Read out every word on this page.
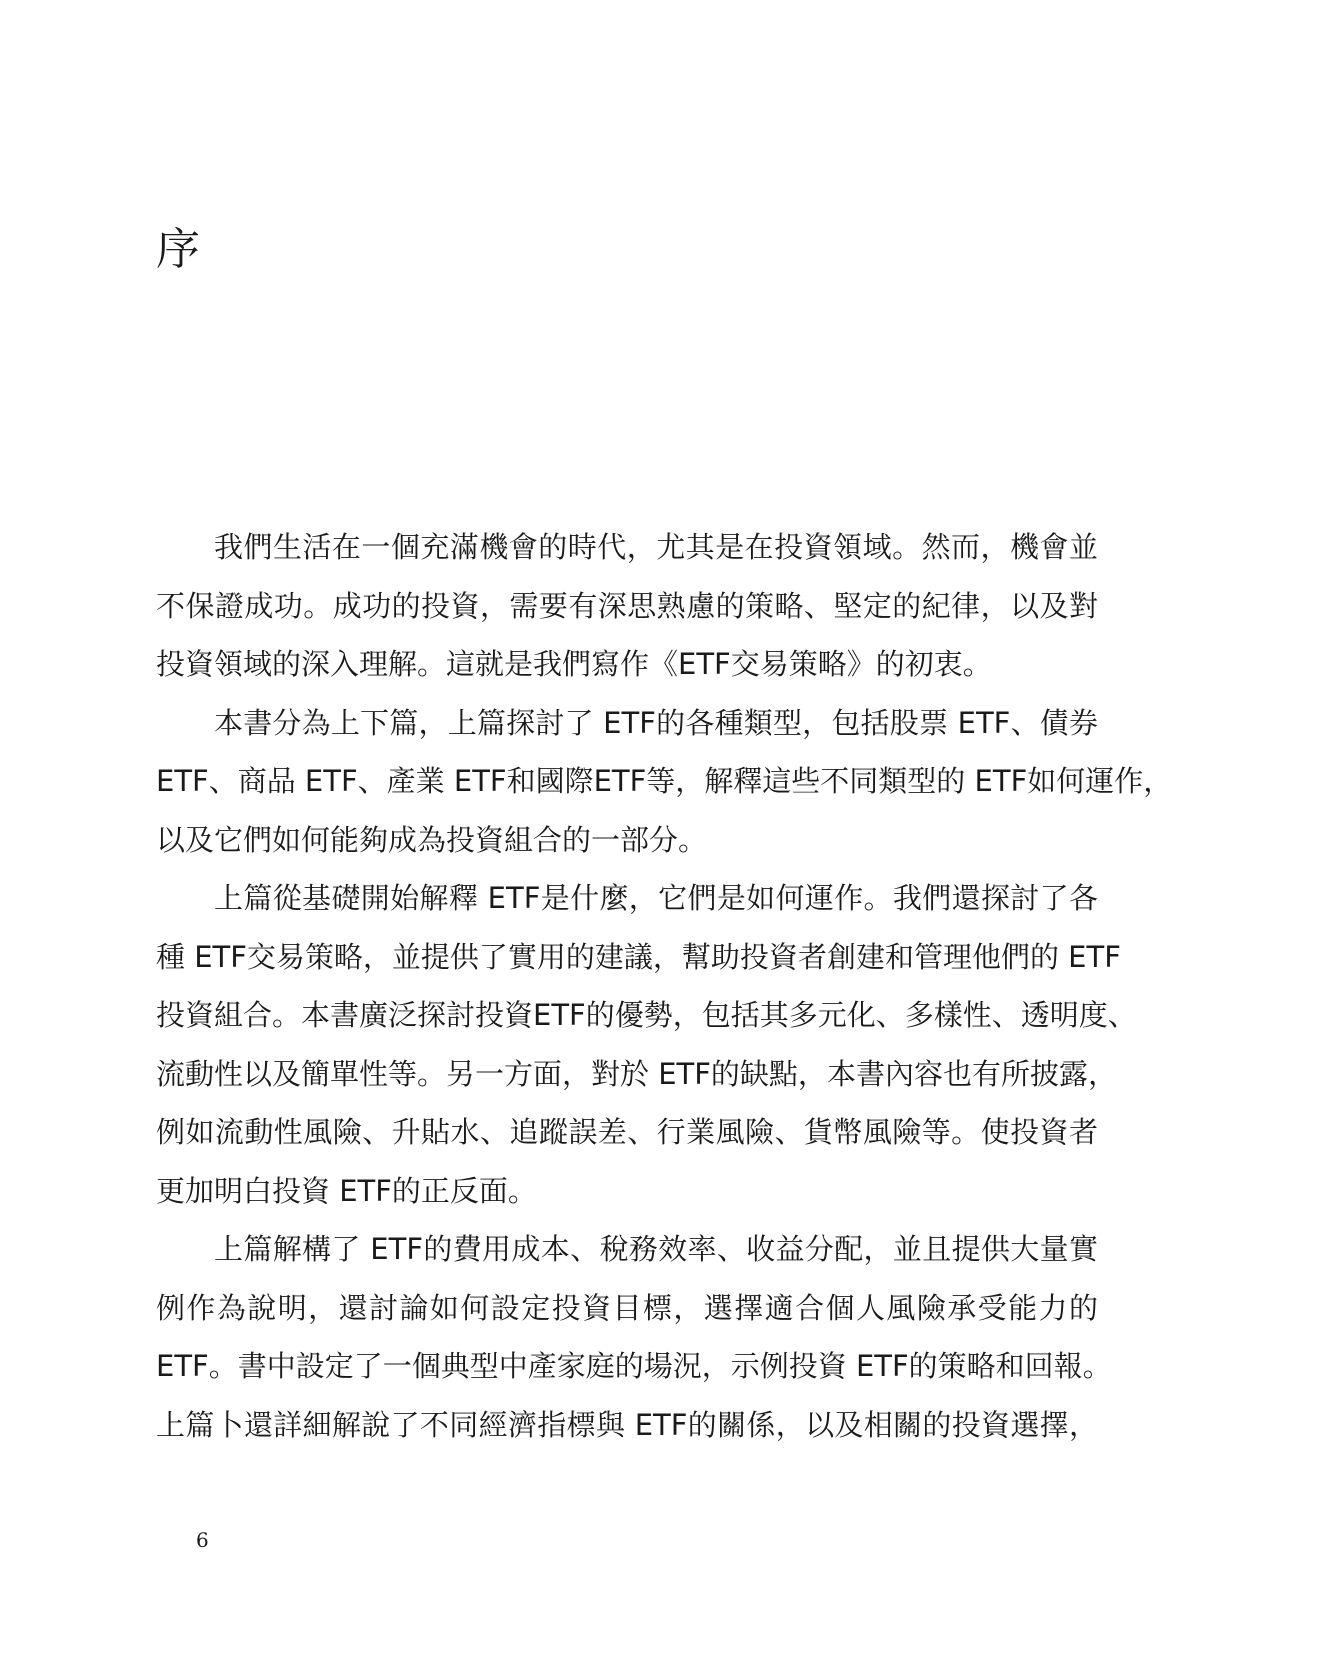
序
我們生活在一個充滿機會的時代，尤其是在投資領域。然而，機會並
不保證成功。成功的投資，需要有深思熟慮的策略、堅定的紀律，以及對
投資領域的深入理解。這就是我們寫作《ETF交易策略》的初衷。
本書分為上下篇，上篇探討了 ETF的各種類型，包括股票 ETF、債券
ETF、商品 ETF、產業 ETF和國際ETF等，解釋這些不同類型的 ETF如何運作，
以及它們如何能夠成為投資組合的一部分。
上篇從基礎開始解釋 ETF是什麼，它們是如何運作。我們還探討了各
種 ETF交易策略，並提供了實用的建議，幫助投資者創建和管理他們的 ETF
投資組合。本書廣泛探討投資ETF的優勢，包括其多元化、多樣性、透明度、
流動性以及簡單性等。另一方面，對於 ETF的缺點，本書內容也有所披露，
例如流動性風險、升貼水、追蹤誤差、行業風險、貨幣風險等。使投資者
更加明白投資 ETF的正反面。
上篇解構了 ETF的費用成本、稅務效率、收益分配，並且提供大量實
例作為說明，還討論如何設定投資目標，選擇適合個人風險承受能力的
ETF。書中設定了一個典型中產家庭的場況，示例投資 ETF的策略和回報。
上篇卜還詳細解說了不同經濟指標與 ETF的關係，以及相關的投資選擇，
6
